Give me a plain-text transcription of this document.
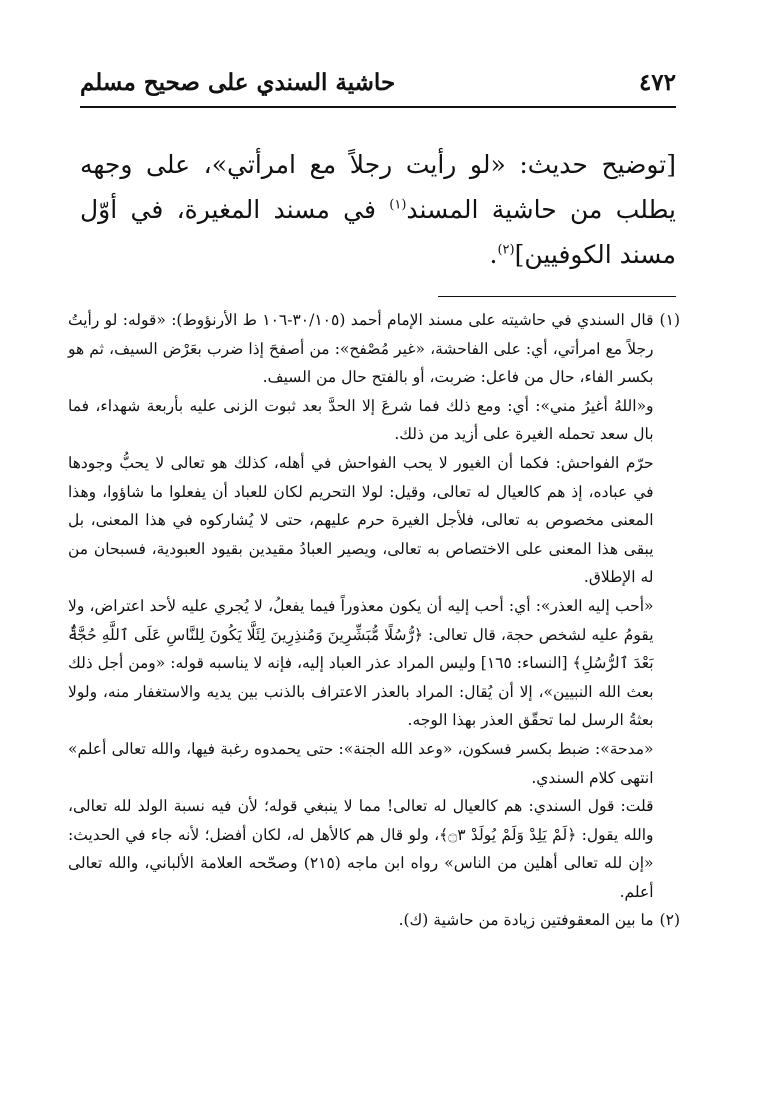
٤٧٢
حاشية السندي على صحيح مسلم

[توضيح حديث: «لو رأيت رجلاً مع امرأتي»، على وجهه يطلب من حاشية المسند$^{(١)}$ في مسند المغيرة، في أوّل مسند الكوفيين]$^{(٢)}$.

(١)

قال السندي في حاشيته على مسند الإمام أحمد (٣٠/١٠٥-١٠٦ ط الأرنؤوط): «قوله: لو رأيتُ رجلاً مع امرأتي، أي: على الفاحشة، «غير مُصْفح»: من أصفحَ إذا ضرب بعَرْض السيف، ثم هو بكسر الفاء، حال من فاعل: ضربت، أو بالفتح حال من السيف.

و«اللهُ أغيرُ مني»: أي: ومع ذلك فما شرعَ إلا الحدَّ بعد ثبوت الزنى عليه بأربعة شهداء، فما بال سعد تحمله الغيرة على أزيد من ذلك.

حرّم الفواحش: فكما أن الغيور لا يحب الفواحش في أهله، كذلك هو تعالى لا يحبُّ وجودها في عباده، إذ هم كالعيال له تعالى، وقيل: لولا التحريم لكان للعباد أن يفعلوا ما شاؤوا، وهذا المعنى مخصوص به تعالى، فلأجل الغيرة حرم عليهم، حتى لا يُشاركوه في هذا المعنى، بل يبقى هذا المعنى على الاختصاص به تعالى، ويصير العبادُ مقيدين بقيود العبودية، فسبحان من له الإطلاق.

«أحب إليه العذر»: أي: أحب إليه أن يكون معذوراً فيما يفعلُ، لا يُجري عليه لأحد اعتراض، ولا يقومُ عليه لشخص حجة، قال تعالى: ﴿رُّسُلًا مُّبَشِّرِينَ وَمُنذِرِينَ لِئَلَّا يَكُونَ لِلنَّاسِ عَلَى ٱللَّهِ حُجَّةٌۢ بَعْدَ ٱلرُّسُلِ﴾ [النساء: ١٦٥] وليس المراد عذر العباد إليه، فإنه لا يناسبه قوله: «ومن أجل ذلك بعث الله النبيين»، إلا أن يُقال: المراد بالعذر الاعتراف بالذنب بين يديه والاستغفار منه، ولولا بعثةُ الرسل لما تحقّق العذر بهذا الوجه.

«مدحة»: ضبط بكسر فسكون، «وعد الله الجنة»: حتى يحمدوه رغبة فيها، والله تعالى أعلم» انتهى كلام السندي.

قلت: قول السندي: هم كالعيال له تعالى! مما لا ينبغي قوله؛ لأن فيه نسبة الولد لله تعالى، والله يقول: ﴿لَمْ يَلِدْ وَلَمْ يُولَدْ ۝٣﴾، ولو قال هم كالأهل له، لكان أفضل؛ لأنه جاء في الحديث: «إن لله تعالى أهلين من الناس» رواه ابن ماجه (٢١٥) وصحّحه العلامة الألباني، والله تعالى أعلم.

(٢)

ما بين المعقوفتين زيادة من حاشية (ك).
